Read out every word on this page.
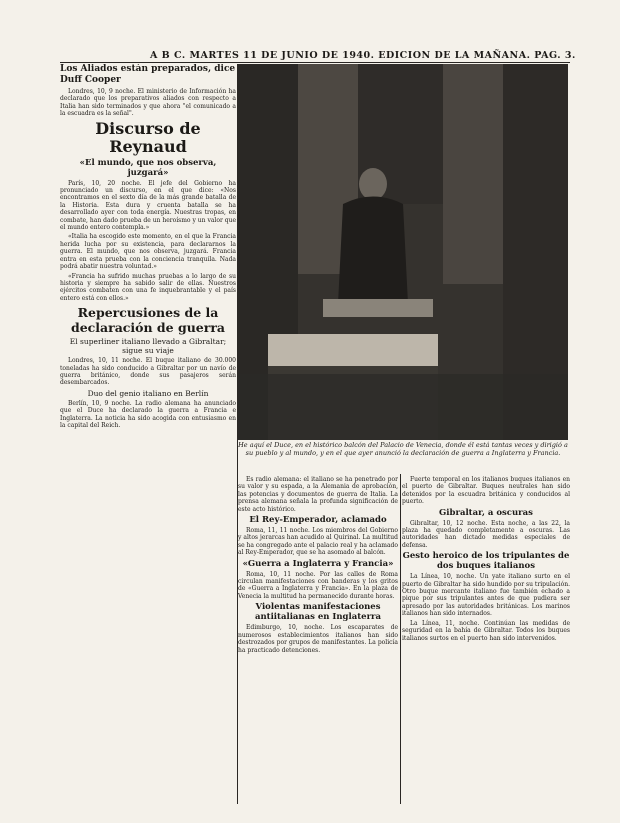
A B C. MARTES 11 DE JUNIO DE 1940. EDICION DE LA MAÑANA. PAG. 3.
Los Aliados están preparados, dice Duff Cooper
Londres, 10, 9 noche. El ministerio de Información ha declarado que los preparativos aliados con respecto a Italia han sido terminados y que ahora "el comunicado a la escuadra es la señal".
Discurso de Reynaud
«El mundo, que nos observa, juzgará»
París, 10, 20 noche. El jefe del Gobierno ha pronunciado un discurso, en el que dice: «Nos encontramos en el sexto día de la más grande batalla de la Historia. Esta dura y cruenta batalla se ha desarrollado ayer con toda energía. Nuestras tropas, en combate, han dado prueba de un heroísmo y un valor que el mundo entero contempla.»
«Italia ha escogido este momento, en el que la Francia herida lucha por su existencia, para declararnos la guerra. El mundo, que nos observa, juzgará. Francia entra en esta prueba con la conciencia tranquila. Nada podrá abatir nuestra voluntad.»
«Francia ha sufrido muchas pruebas a lo largo de su historia y siempre ha sabido salir de ellas. Nuestros ejércitos combaten con una fe inquebrantable y el país entero está con ellos.»
Repercusiones de la declaración de guerra
El superliner italiano llevado a Gibraltar; sigue su viaje
Londres, 10, 11 noche. El buque italiano de 30.000 toneladas ha sido conducido a Gibraltar por un navío de guerra británico, donde sus pasajeros serán desembarcados.
Duo del genio italiano en Berlín
Berlín, 10, 9 noche. La radio alemana ha anunciado que el Duce ha declarado la guerra a Francia e Inglaterra. La noticia ha sido acogida con entusiasmo en la capital del Reich.
He aquí el Duce, en el histórico balcón del Palacio de Venecia, donde él está tantas veces y dirigió a su pueblo y al mundo, y en el que ayer anunció la declaración de guerra a Inglaterra y Francia.
Es radio alemana: el italiano se ha penetrado por su valor y su espada, a la Alemania de aprobación, las potencias y documentos de guerra de Italia. La prensa alemana señala la profunda significación de este acto histórico.
El Rey-Emperador, aclamado
Roma, 11, 11 noche. Los miembros del Gobierno y altos jerarcas han acudido al Quirinal. La multitud se ha congregado ante el palacio real y ha aclamado al Rey-Emperador, que se ha asomado al balcón.
«Guerra a Inglaterra y Francia»
Roma, 10, 11 noche. Por las calles de Roma circulan manifestaciones con banderas y los gritos de «Guerra a Inglaterra y Francia». En la plaza de Venecia la multitud ha permanecido durante horas.
Violentas manifestaciones antiitalianas en Inglaterra
Edimburgo, 10, noche. Los escaparates de numerosos establecimientos italianos han sido destrozados por grupos de manifestantes. La policía ha practicado detenciones.
Fuerte temporal en los italianos buques italianos en el puerto de Gibraltar. Buques neutrales han sido detenidos por la escuadra británica y conducidos al puerto.
Gibraltar, a oscuras
Gibraltar, 10, 12 noche. Esta noche, a las 22, la plaza ha quedado completamente a oscuras. Las autoridades han dictado medidas especiales de defensa.
Gesto heroico de los tripulantes de dos buques italianos
La Línea, 10, noche. Un yate italiano surto en el puerto de Gibraltar ha sido hundido por su tripulación. Otro buque mercante italiano fue también echado a pique por sus tripulantes antes de que pudiera ser apresado por las autoridades británicas. Los marinos italianos han sido internados.
La Línea, 11, noche. Continúan las medidas de seguridad en la bahía de Gibraltar. Todos los buques italianos surtos en el puerto han sido intervenidos.
